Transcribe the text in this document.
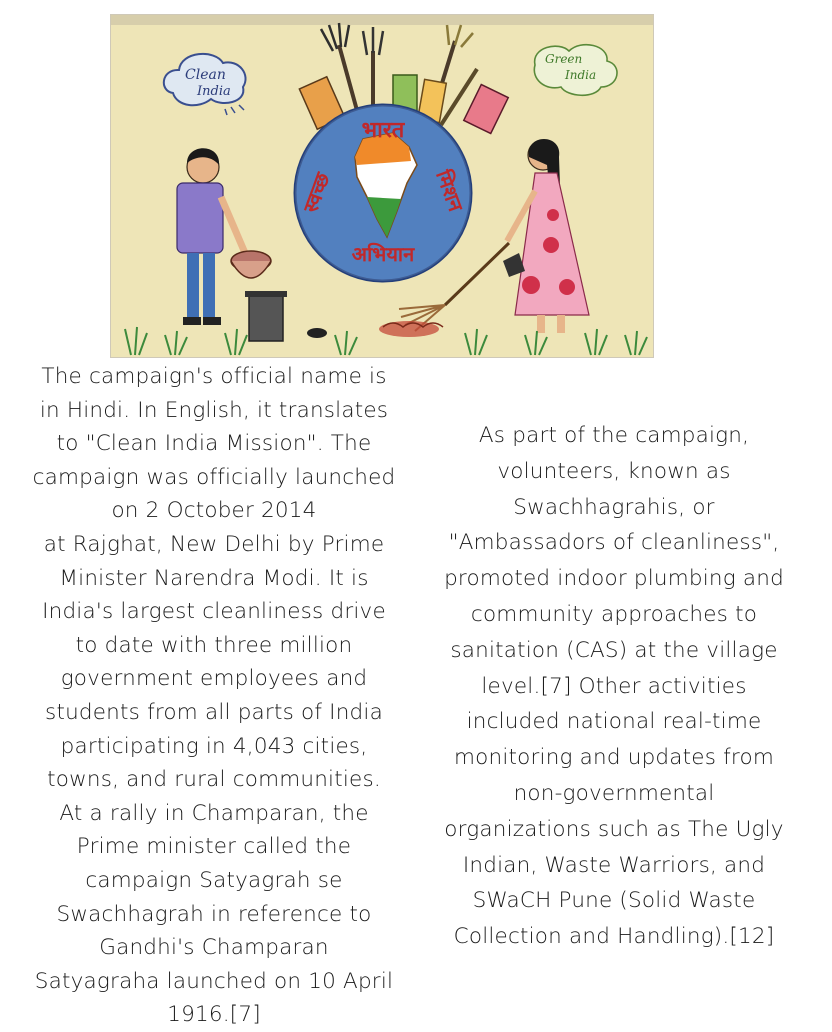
Clean
India
Green
India
भारत
स्वच्छ	मिशन
अभियान
The campaign's official name is
in Hindi. In English, it translates
to "Clean India Mission". The
campaign was officially launched
on 2 October 2014
at Rajghat, New Delhi by Prime
Minister Narendra Modi. It is
India's largest cleanliness drive
to date with three million
government employees and
students from all parts of India
participating in 4,043 cities,
towns, and rural communities.
At a rally in Champaran, the
Prime minister called the
campaign Satyagrah se
Swachhagrah in reference to
Gandhi's Champaran
Satyagraha launched on 10 April
1916.[7]
As part of the campaign,
volunteers, known as
Swachhagrahis, or
"Ambassadors of cleanliness",
promoted indoor plumbing and
community approaches to
sanitation (CAS) at the village
level.[7] Other activities
included national real-time
monitoring and updates from
non-governmental
organizations such as The Ugly
Indian, Waste Warriors, and
SWaCH Pune (Solid Waste
Collection and Handling).[12]
